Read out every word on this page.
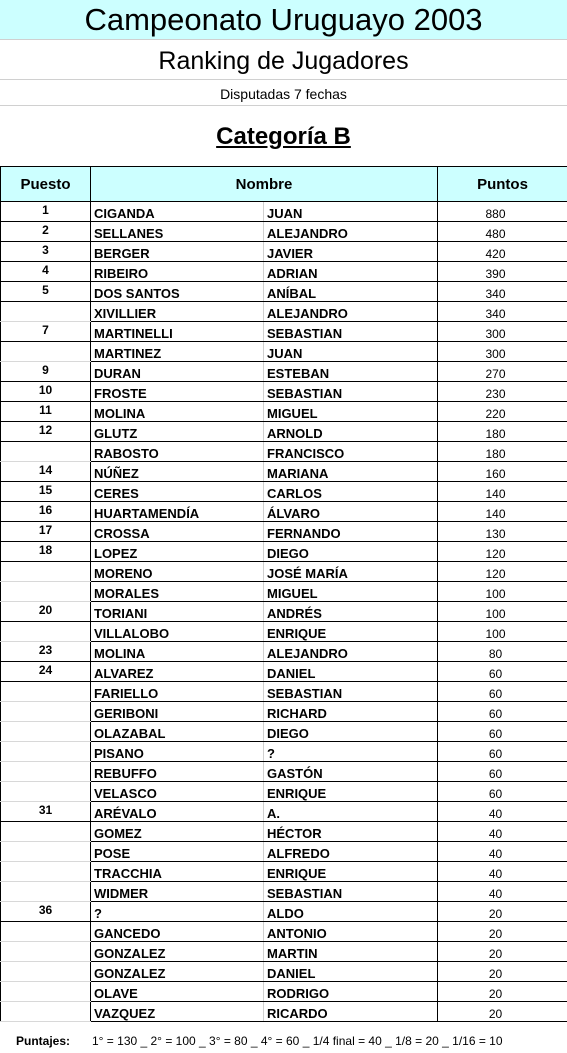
Campeonato Uruguayo 2003
Ranking de Jugadores
Disputadas 7 fechas
Categoría B
Puesto	Nombre		Puntos
1	CIGANDA	JUAN	880
2	SELLANES	ALEJANDRO	480
3	BERGER	JAVIER	420
4	RIBEIRO	ADRIAN	390
5	DOS SANTOS	ANÍBAL	340
	XIVILLIER	ALEJANDRO	340
7	MARTINELLI	SEBASTIAN	300
	MARTINEZ	JUAN	300
9	DURAN	ESTEBAN	270
10	FROSTE	SEBASTIAN	230
11	MOLINA	MIGUEL	220
12	GLUTZ	ARNOLD	180
	RABOSTO	FRANCISCO	180
14	NÚÑEZ	MARIANA	160
15	CERES	CARLOS	140
16	HUARTAMENDÍA	ÁLVARO	140
17	CROSSA	FERNANDO	130
18	LOPEZ	DIEGO	120
	MORENO	JOSÉ MARÍA	120
	MORALES	MIGUEL	100
20	TORIANI	ANDRÉS	100
	VILLALOBO	ENRIQUE	100
23	MOLINA	ALEJANDRO	80
24	ALVAREZ	DANIEL	60
	FARIELLO	SEBASTIAN	60
	GERIBONI	RICHARD	60
	OLAZABAL	DIEGO	60
	PISANO	?	60
	REBUFFO	GASTÓN	60
	VELASCO	ENRIQUE	60
31	ARÉVALO	A.	40
	GOMEZ	HÉCTOR	40
	POSE	ALFREDO	40
	TRACCHIA	ENRIQUE	40
	WIDMER	SEBASTIAN	40
36	?	ALDO	20
	GANCEDO	ANTONIO	20
	GONZALEZ	MARTIN	20
	GONZALEZ	DANIEL	20
	OLAVE	RODRIGO	20
	VAZQUEZ	RICARDO	20
Puntajes: 1° = 130 _ 2° = 100 _ 3° = 80 _ 4° = 60 _ 1/4 final = 40 _ 1/8 = 20 _ 1/16 = 10
